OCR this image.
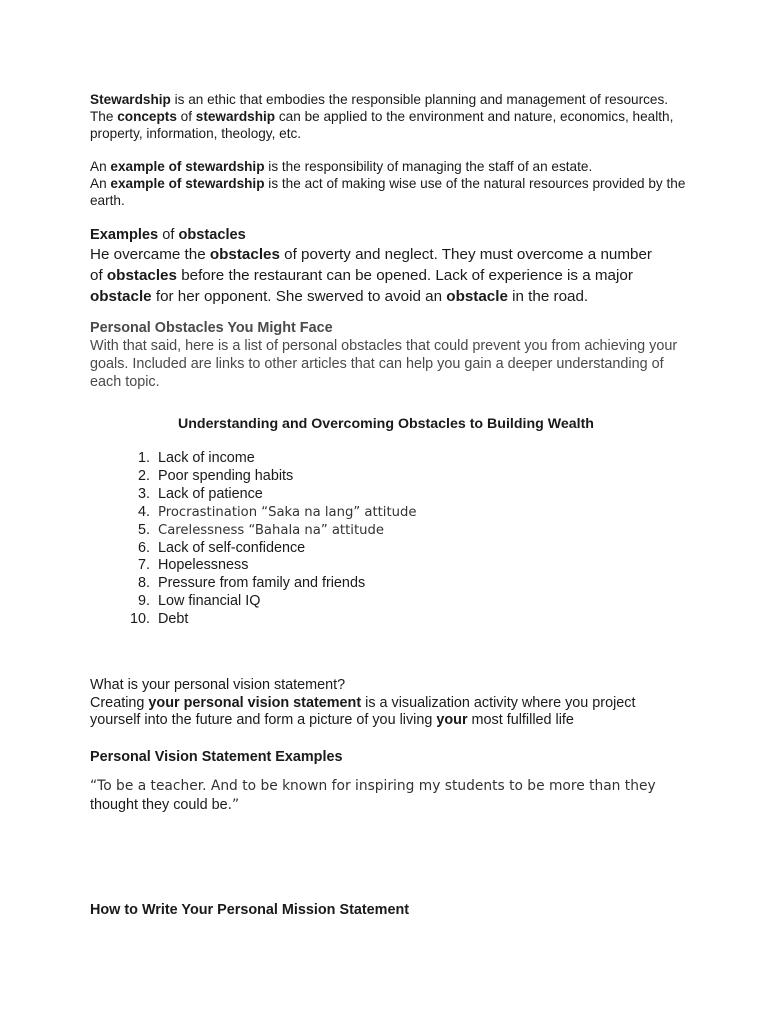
Stewardship is an ethic that embodies the responsible planning and management of resources. The concepts of stewardship can be applied to the environment and nature, economics, health, property, information, theology, etc.

An example of stewardship is the responsibility of managing the staff of an estate.
An example of stewardship is the act of making wise use of the natural resources provided by the earth.
Examples of obstacles

He overcame the obstacles of poverty and neglect. They must overcome a number of obstacles before the restaurant can be opened. Lack of experience is a major obstacle for her opponent. She swerved to avoid an obstacle in the road.

Personal Obstacles You Might Face

With that said, here is a list of personal obstacles that could prevent you from achieving your goals. Included are links to other articles that can help you gain a deeper understanding of each topic.

Understanding and Overcoming Obstacles to Building Wealth
1. Lack of income
2. Poor spending habits
3. Lack of patience
4. Procrastination “Saka na lang” attitude
5. Carelessness “Bahala na” attitude
6. Lack of self-confidence
7. Hopelessness
8. Pressure from family and friends
9. Low financial IQ
10. Debt
What is your personal vision statement?

Creating your personal vision statement is a visualization activity where you project yourself into the future and form a picture of you living your most fulfilled life

Personal Vision Statement Examples
“To be a teacher. And to be known for inspiring my students to be more than they
thought they could be.”
How to Write Your Personal Mission Statement
